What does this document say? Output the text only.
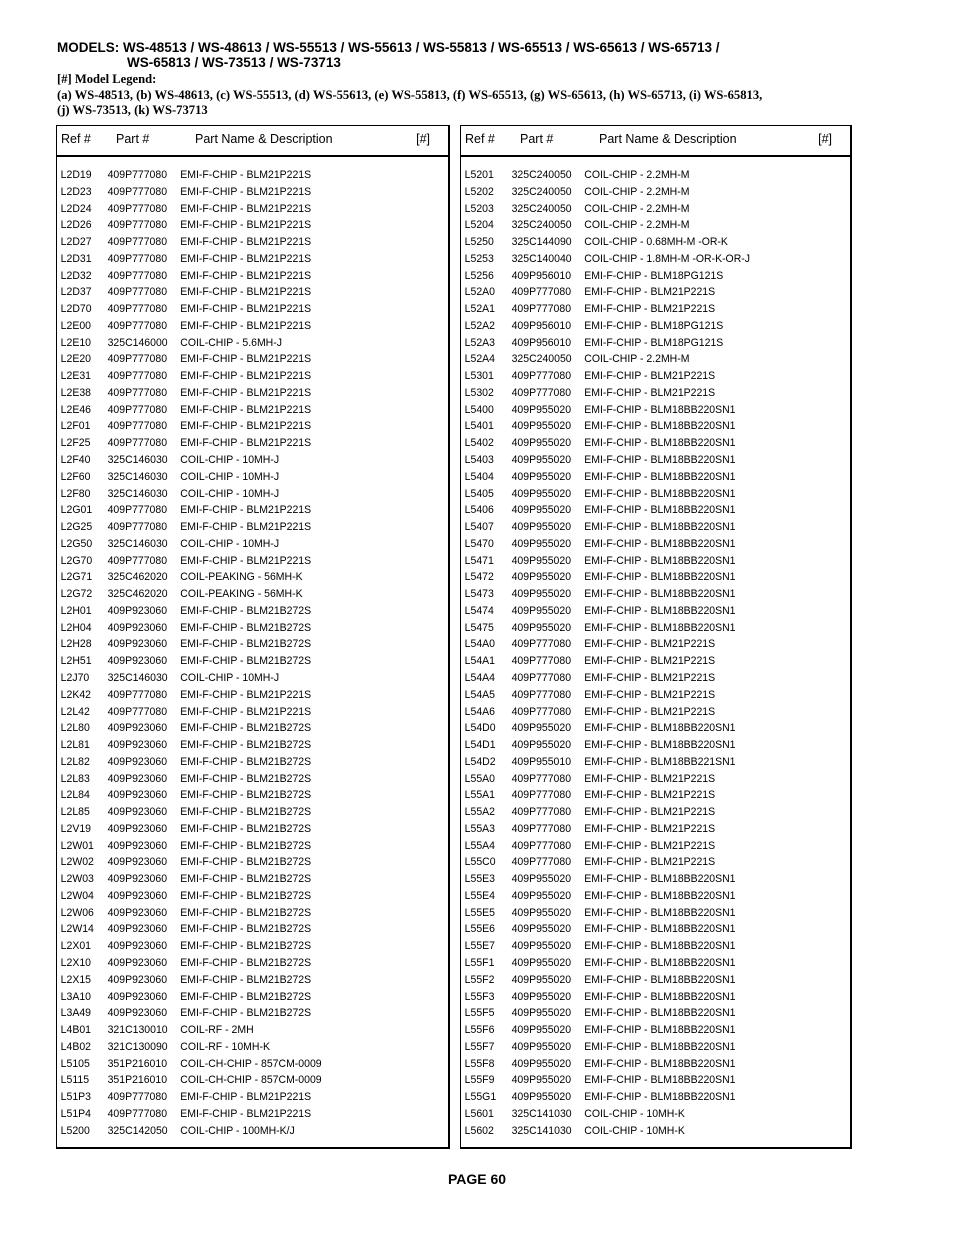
MODELS: WS-48513 / WS-48613 / WS-55513 / WS-55613 / WS-55813 / WS-65513 / WS-65613 / WS-65713 /
WS-65813 / WS-73513 / WS-73713
[#] Model Legend:
(a) WS-48513, (b) WS-48613, (c) WS-55513, (d) WS-55613, (e) WS-55813, (f) WS-65513, (g) WS-65613, (h) WS-65713, (i) WS-65813,
(j) WS-73513, (k) WS-73713
Ref # Part #	Part Name & Description	[#]
L2D19 409P777080 EMI-F-CHIP - BLM21P221S
L2D23 409P777080 EMI-F-CHIP - BLM21P221S
L2D24 409P777080 EMI-F-CHIP - BLM21P221S
L2D26 409P777080 EMI-F-CHIP - BLM21P221S
L2D27 409P777080 EMI-F-CHIP - BLM21P221S
L2D31 409P777080 EMI-F-CHIP - BLM21P221S
L2D32 409P777080 EMI-F-CHIP - BLM21P221S
L2D37 409P777080 EMI-F-CHIP - BLM21P221S
L2D70 409P777080 EMI-F-CHIP - BLM21P221S
L2E00 409P777080 EMI-F-CHIP - BLM21P221S
L2E10 325C146000 COIL-CHIP - 5.6MH-J
L2E20 409P777080 EMI-F-CHIP - BLM21P221S
L2E31 409P777080 EMI-F-CHIP - BLM21P221S
L2E38 409P777080 EMI-F-CHIP - BLM21P221S
L2E46 409P777080 EMI-F-CHIP - BLM21P221S
L2F01 409P777080 EMI-F-CHIP - BLM21P221S
L2F25 409P777080 EMI-F-CHIP - BLM21P221S
L2F40 325C146030 COIL-CHIP - 10MH-J
L2F60 325C146030 COIL-CHIP - 10MH-J
L2F80 325C146030 COIL-CHIP - 10MH-J
L2G01 409P777080 EMI-F-CHIP - BLM21P221S
L2G25 409P777080 EMI-F-CHIP - BLM21P221S
L2G50 325C146030 COIL-CHIP - 10MH-J
L2G70 409P777080 EMI-F-CHIP - BLM21P221S
L2G71 325C462020 COIL-PEAKING - 56MH-K
L2G72 325C462020 COIL-PEAKING - 56MH-K
L2H01 409P923060 EMI-F-CHIP - BLM21B272S
L2H04 409P923060 EMI-F-CHIP - BLM21B272S
L2H28 409P923060 EMI-F-CHIP - BLM21B272S
L2H51 409P923060 EMI-F-CHIP - BLM21B272S
L2J70 325C146030 COIL-CHIP - 10MH-J
L2K42 409P777080 EMI-F-CHIP - BLM21P221S
L2L42 409P777080 EMI-F-CHIP - BLM21P221S
L2L80 409P923060 EMI-F-CHIP - BLM21B272S
L2L81 409P923060 EMI-F-CHIP - BLM21B272S
L2L82 409P923060 EMI-F-CHIP - BLM21B272S
L2L83 409P923060 EMI-F-CHIP - BLM21B272S
L2L84 409P923060 EMI-F-CHIP - BLM21B272S
L2L85 409P923060 EMI-F-CHIP - BLM21B272S
L2V19 409P923060 EMI-F-CHIP - BLM21B272S
L2W01 409P923060 EMI-F-CHIP - BLM21B272S
L2W02 409P923060 EMI-F-CHIP - BLM21B272S
L2W03 409P923060 EMI-F-CHIP - BLM21B272S
L2W04 409P923060 EMI-F-CHIP - BLM21B272S
L2W06 409P923060 EMI-F-CHIP - BLM21B272S
L2W14 409P923060 EMI-F-CHIP - BLM21B272S
L2X01 409P923060 EMI-F-CHIP - BLM21B272S
L2X10 409P923060 EMI-F-CHIP - BLM21B272S
L2X15 409P923060 EMI-F-CHIP - BLM21B272S
L3A10 409P923060 EMI-F-CHIP - BLM21B272S
L3A49 409P923060 EMI-F-CHIP - BLM21B272S
L4B01 321C130010 COIL-RF - 2MH
L4B02 321C130090 COIL-RF - 10MH-K
L5105 351P216010 COIL-CH-CHIP - 857CM-0009
L5115 351P216010 COIL-CH-CHIP - 857CM-0009
L51P3 409P777080 EMI-F-CHIP - BLM21P221S
L51P4 409P777080 EMI-F-CHIP - BLM21P221S
L5200 325C142050 COIL-CHIP - 100MH-K/J
Ref # Part #	Part Name & Description	[#]
L5201 325C240050 COIL-CHIP - 2.2MH-M
L5202 325C240050 COIL-CHIP - 2.2MH-M
L5203 325C240050 COIL-CHIP - 2.2MH-M
L5204 325C240050 COIL-CHIP - 2.2MH-M
L5250 325C144090 COIL-CHIP - 0.68MH-M -OR-K
L5253 325C140040 COIL-CHIP - 1.8MH-M -OR-K-OR-J
L5256 409P956010 EMI-F-CHIP - BLM18PG121S
L52A0 409P777080 EMI-F-CHIP - BLM21P221S
L52A1 409P777080 EMI-F-CHIP - BLM21P221S
L52A2 409P956010 EMI-F-CHIP - BLM18PG121S
L52A3 409P956010 EMI-F-CHIP - BLM18PG121S
L52A4 325C240050 COIL-CHIP - 2.2MH-M
L5301 409P777080 EMI-F-CHIP - BLM21P221S
L5302 409P777080 EMI-F-CHIP - BLM21P221S
L5400 409P955020 EMI-F-CHIP - BLM18BB220SN1
L5401 409P955020 EMI-F-CHIP - BLM18BB220SN1
L5402 409P955020 EMI-F-CHIP - BLM18BB220SN1
L5403 409P955020 EMI-F-CHIP - BLM18BB220SN1
L5404 409P955020 EMI-F-CHIP - BLM18BB220SN1
L5405 409P955020 EMI-F-CHIP - BLM18BB220SN1
L5406 409P955020 EMI-F-CHIP - BLM18BB220SN1
L5407 409P955020 EMI-F-CHIP - BLM18BB220SN1
L5470 409P955020 EMI-F-CHIP - BLM18BB220SN1
L5471 409P955020 EMI-F-CHIP - BLM18BB220SN1
L5472 409P955020 EMI-F-CHIP - BLM18BB220SN1
L5473 409P955020 EMI-F-CHIP - BLM18BB220SN1
L5474 409P955020 EMI-F-CHIP - BLM18BB220SN1
L5475 409P955020 EMI-F-CHIP - BLM18BB220SN1
L54A0 409P777080 EMI-F-CHIP - BLM21P221S
L54A1 409P777080 EMI-F-CHIP - BLM21P221S
L54A4 409P777080 EMI-F-CHIP - BLM21P221S
L54A5 409P777080 EMI-F-CHIP - BLM21P221S
L54A6 409P777080 EMI-F-CHIP - BLM21P221S
L54D0 409P955020 EMI-F-CHIP - BLM18BB220SN1
L54D1 409P955020 EMI-F-CHIP - BLM18BB220SN1
L54D2 409P955010 EMI-F-CHIP - BLM18BB221SN1
L55A0 409P777080 EMI-F-CHIP - BLM21P221S
L55A1 409P777080 EMI-F-CHIP - BLM21P221S
L55A2 409P777080 EMI-F-CHIP - BLM21P221S
L55A3 409P777080 EMI-F-CHIP - BLM21P221S
L55A4 409P777080 EMI-F-CHIP - BLM21P221S
L55C0 409P777080 EMI-F-CHIP - BLM21P221S
L55E3 409P955020 EMI-F-CHIP - BLM18BB220SN1
L55E4 409P955020 EMI-F-CHIP - BLM18BB220SN1
L55E5 409P955020 EMI-F-CHIP - BLM18BB220SN1
L55E6 409P955020 EMI-F-CHIP - BLM18BB220SN1
L55E7 409P955020 EMI-F-CHIP - BLM18BB220SN1
L55F1 409P955020 EMI-F-CHIP - BLM18BB220SN1
L55F2 409P955020 EMI-F-CHIP - BLM18BB220SN1
L55F3 409P955020 EMI-F-CHIP - BLM18BB220SN1
L55F5 409P955020 EMI-F-CHIP - BLM18BB220SN1
L55F6 409P955020 EMI-F-CHIP - BLM18BB220SN1
L55F7 409P955020 EMI-F-CHIP - BLM18BB220SN1
L55F8 409P955020 EMI-F-CHIP - BLM18BB220SN1
L55F9 409P955020 EMI-F-CHIP - BLM18BB220SN1
L55G1 409P955020 EMI-F-CHIP - BLM18BB220SN1
L5601 325C141030 COIL-CHIP - 10MH-K
L5602 325C141030 COIL-CHIP - 10MH-K
PAGE 60
